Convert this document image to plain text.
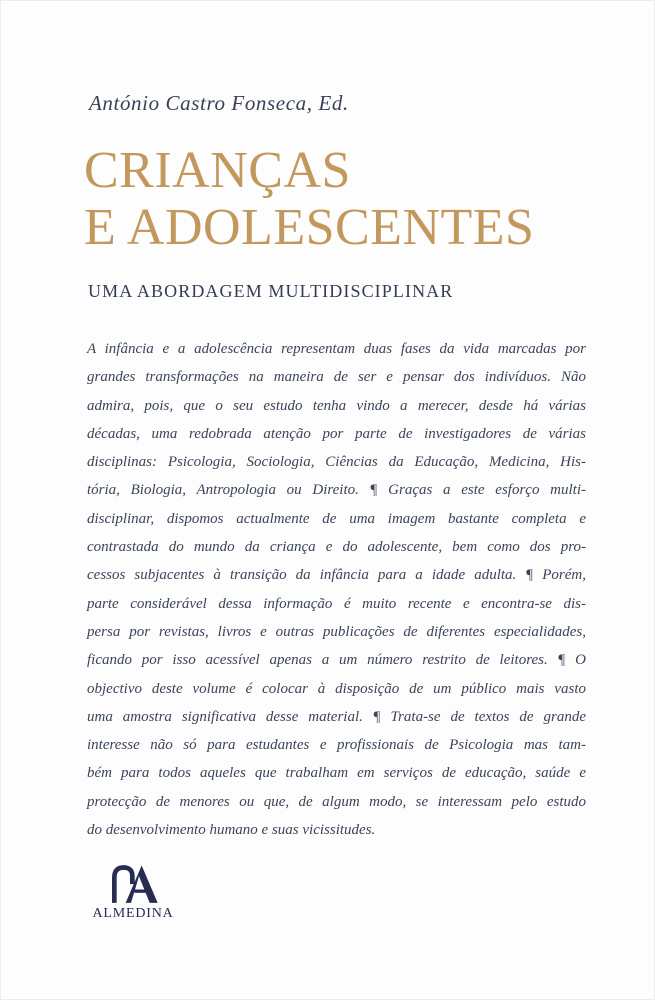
António Castro Fonseca, Ed.
CRIANÇAS
E ADOLESCENTES
UMA ABORDAGEM MULTIDISCIPLINAR
A infância e a adolescência representam duas fases da vida marcadas por
grandes transformações na maneira de ser e pensar dos indivíduos. Não
admira, pois, que o seu estudo tenha vindo a merecer, desde há várias
décadas, uma redobrada atenção por parte de investigadores de várias
disciplinas: Psicologia, Sociologia, Ciências da Educação, Medicina, His-
tória, Biologia, Antropologia ou Direito. ¶ Graças a este esforço multi-
disciplinar, dispomos actualmente de uma imagem bastante completa e
contrastada do mundo da criança e do adolescente, bem como dos pro-
cessos subjacentes à transição da infância para a idade adulta. ¶ Porém,
parte considerável dessa informação é muito recente e encontra-se dis-
persa por revistas, livros e outras publicações de diferentes especialidades,
ficando por isso acessível apenas a um número restrito de leitores. ¶ O
objectivo deste volume é colocar à disposição de um público mais vasto
uma amostra significativa desse material. ¶ Trata-se de textos de grande
interesse não só para estudantes e profissionais de Psicologia mas tam-
bém para todos aqueles que trabalham em serviços de educação, saúde e
protecção de menores ou que, de algum modo, se interessam pelo estudo
do desenvolvimento humano e suas vicissitudes.
ALMEDINA
